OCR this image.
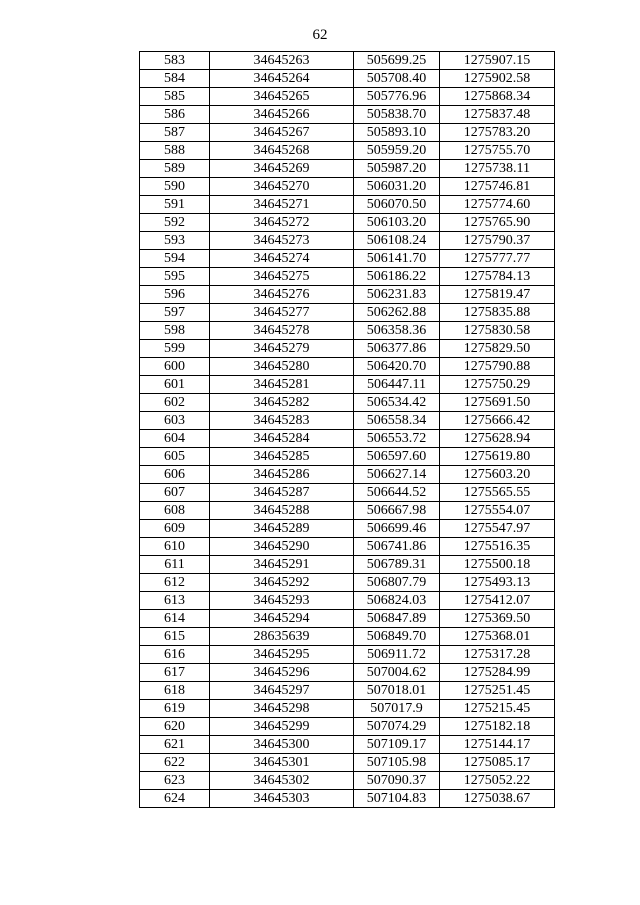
62
583	34645263	505699.25	1275907.15
584	34645264	505708.40	1275902.58
585	34645265	505776.96	1275868.34
586	34645266	505838.70	1275837.48
587	34645267	505893.10	1275783.20
588	34645268	505959.20	1275755.70
589	34645269	505987.20	1275738.11
590	34645270	506031.20	1275746.81
591	34645271	506070.50	1275774.60
592	34645272	506103.20	1275765.90
593	34645273	506108.24	1275790.37
594	34645274	506141.70	1275777.77
595	34645275	506186.22	1275784.13
596	34645276	506231.83	1275819.47
597	34645277	506262.88	1275835.88
598	34645278	506358.36	1275830.58
599	34645279	506377.86	1275829.50
600	34645280	506420.70	1275790.88
601	34645281	506447.11	1275750.29
602	34645282	506534.42	1275691.50
603	34645283	506558.34	1275666.42
604	34645284	506553.72	1275628.94
605	34645285	506597.60	1275619.80
606	34645286	506627.14	1275603.20
607	34645287	506644.52	1275565.55
608	34645288	506667.98	1275554.07
609	34645289	506699.46	1275547.97
610	34645290	506741.86	1275516.35
611	34645291	506789.31	1275500.18
612	34645292	506807.79	1275493.13
613	34645293	506824.03	1275412.07
614	34645294	506847.89	1275369.50
615	28635639	506849.70	1275368.01
616	34645295	506911.72	1275317.28
617	34645296	507004.62	1275284.99
618	34645297	507018.01	1275251.45
619	34645298	507017.9	1275215.45
620	34645299	507074.29	1275182.18
621	34645300	507109.17	1275144.17
622	34645301	507105.98	1275085.17
623	34645302	507090.37	1275052.22
624	34645303	507104.83	1275038.67
